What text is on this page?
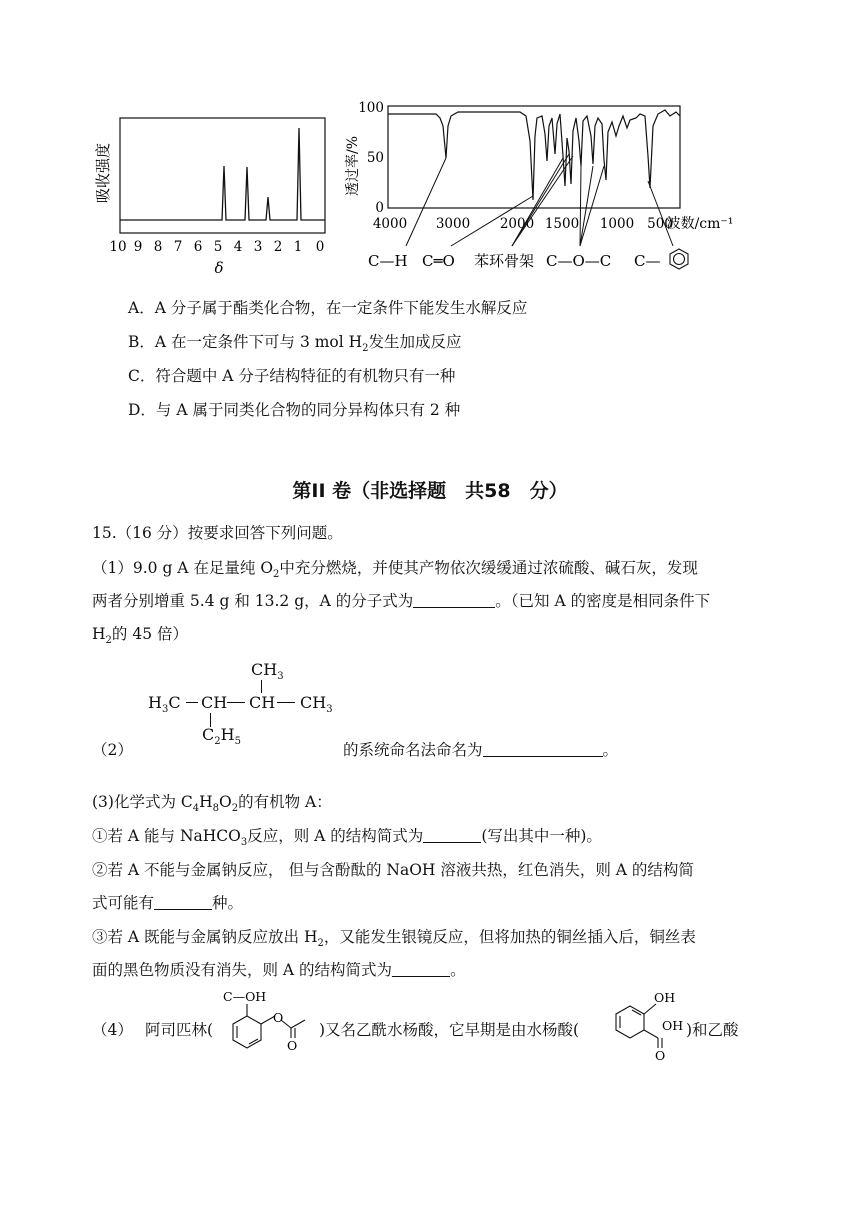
吸收强度
10 9 8 7 6 5 4 3 2 1 0
δ
透过率/%
100
50
0
4000 3000 2000 1500 1000 500
波数/cm⁻¹
C—H C═O 苯环骨架 C—O—C C—
A．A 分子属于酯类化合物，在一定条件下能发生水解反应
B．A 在一定条件下可与 3 mol $H_2$发生加成反应
C．符合题中 A 分子结构特征的有机物只有一种
D．与 A 属于同类化合物的同分异构体只有 2 种
第II 卷（非选择题　共58　分）
15.（16 分）按要求回答下列问题。
（1）9.0 g A 在足量纯 $O_2$中充分燃烧，并使其产物依次缓缓通过浓硫酸、碱石灰，发现
两者分别增重 5.4 g 和 13.2 g，A 的分子式为	。（已知 A 的密度是相同条件下
$H_2$的 45 倍）
$CH_3$
$H_3C$ CH CH $CH_3$
$C_2H_5$
（2）	的系统命名法命名为	。
(3)化学式为 $C_4H_8O_2$的有机物 A：
①若 A 能与 NaHCO$_3$反应，则 A 的结构简式为	(写出其中一种)。
②若 A 不能与金属钠反应， 但与含酚酞的 NaOH 溶液共热，红色消失，则 A 的结构简
式可能有	种。
③若 A 既能与金属钠反应放出 $H_2$，又能发生银镜反应，但将加热的铜丝插入后，铜丝表
面的黑色物质没有消失，则 A 的结构简式为	。
（4） 阿司匹林(
C—OH
O
O
)又名乙酰水杨酸，它早期是由水杨酸(
OH
OH
O
)和乙酸
